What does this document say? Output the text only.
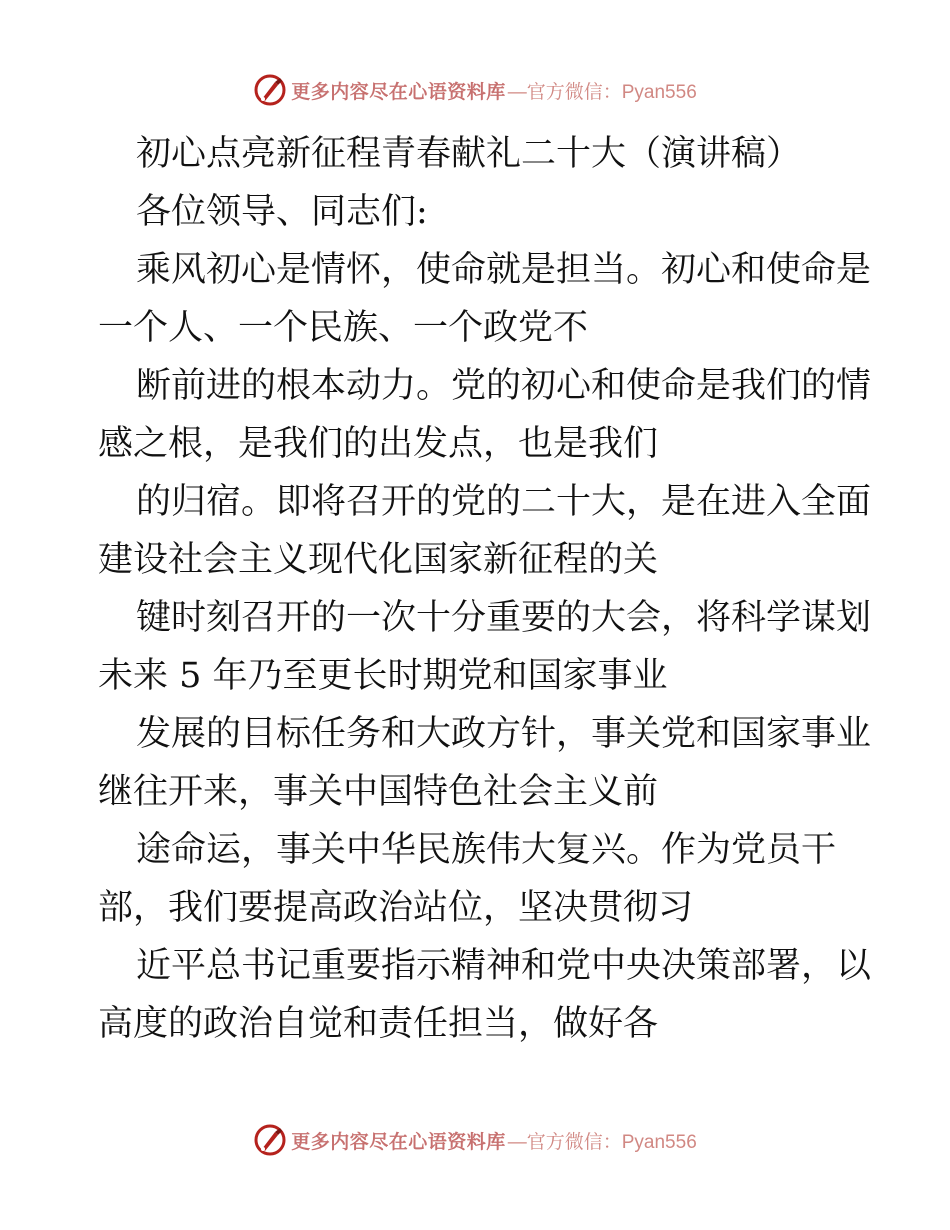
更多内容尽在心语资料库 —官方微信：Pyan556
初心点亮新征程青春献礼二十大（演讲稿）
各位领导、同志们:
乘风初心是情怀，使命就是担当。初心和使命是
一个人、一个民族、一个政党不
断前进的根本动力。党的初心和使命是我们的情
感之根，是我们的出发点，也是我们
的归宿。即将召开的党的二十大，是在进入全面
建设社会主义现代化国家新征程的关
键时刻召开的一次十分重要的大会，将科学谋划
未来 5 年乃至更长时期党和国家事业
发展的目标任务和大政方针，事关党和国家事业
继往开来，事关中国特色社会主义前
途命运，事关中华民族伟大复兴。作为党员干
部，我们要提高政治站位，坚决贯彻习
近平总书记重要指示精神和党中央决策部署，以
高度的政治自觉和责任担当，做好各
更多内容尽在心语资料库 —官方微信：Pyan556
